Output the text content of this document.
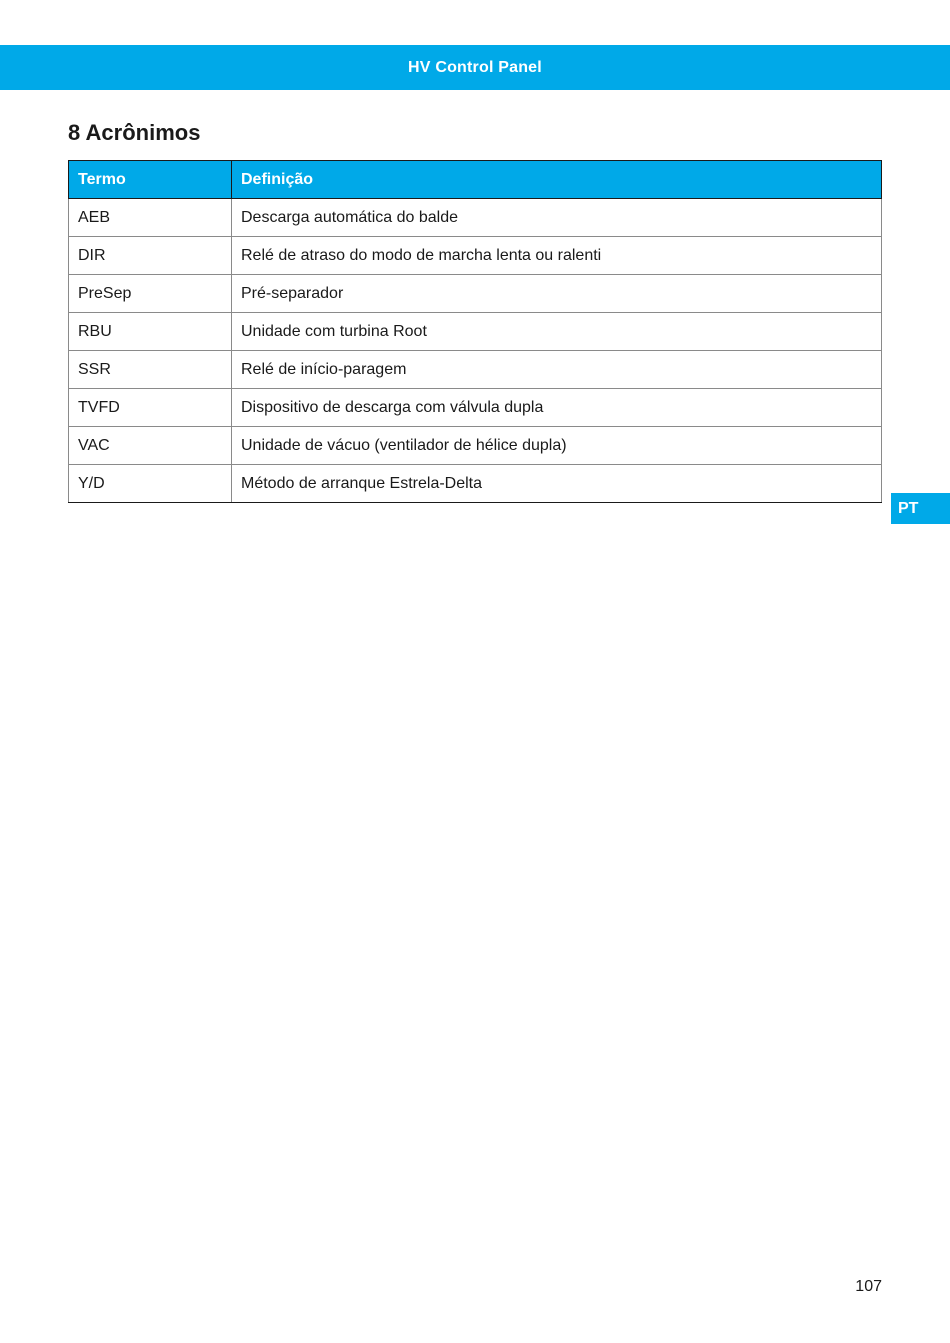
HV Control Panel
8 Acrônimos
Termo	Definição
AEB	Descarga automática do balde
DIR	Relé de atraso do modo de marcha lenta ou ralenti
PreSep	Pré-separador
RBU	Unidade com turbina Root
SSR	Relé de início-paragem
TVFD	Dispositivo de descarga com válvula dupla
VAC	Unidade de vácuo (ventilador de hélice dupla)
Y/D	Método de arranque Estrela-Delta
PT
107
